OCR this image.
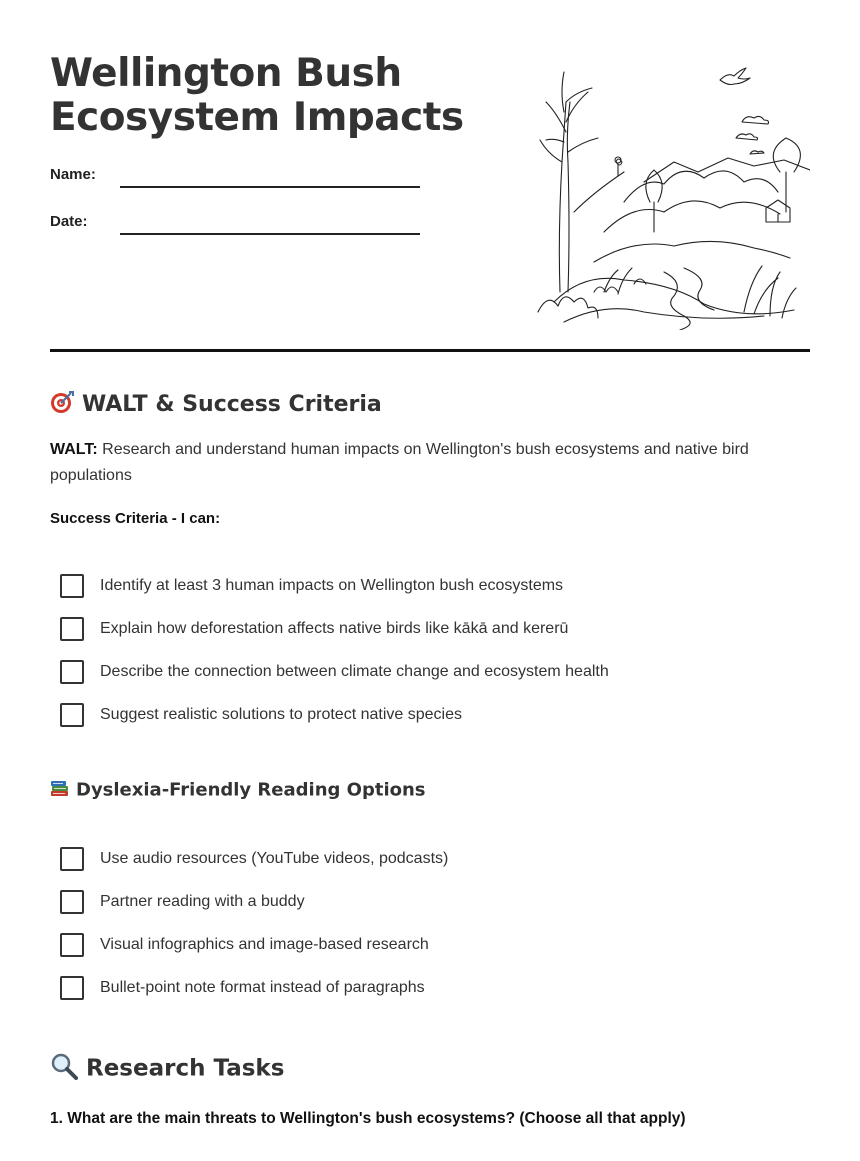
Wellington Bush
Ecosystem Impacts
Name:
Date:
WALT & Success Criteria
WALT: Research and understand human impacts on Wellington's bush ecosystems and native bird populations
Success Criteria - I can:
Identify at least 3 human impacts on Wellington bush ecosystems
Explain how deforestation affects native birds like kākā and kererū
Describe the connection between climate change and ecosystem health
Suggest realistic solutions to protect native species
Dyslexia-Friendly Reading Options
Use audio resources (YouTube videos, podcasts)
Partner reading with a buddy
Visual infographics and image-based research
Bullet-point note format instead of paragraphs
Research Tasks
1. What are the main threats to Wellington's bush ecosystems? (Choose all that apply)
